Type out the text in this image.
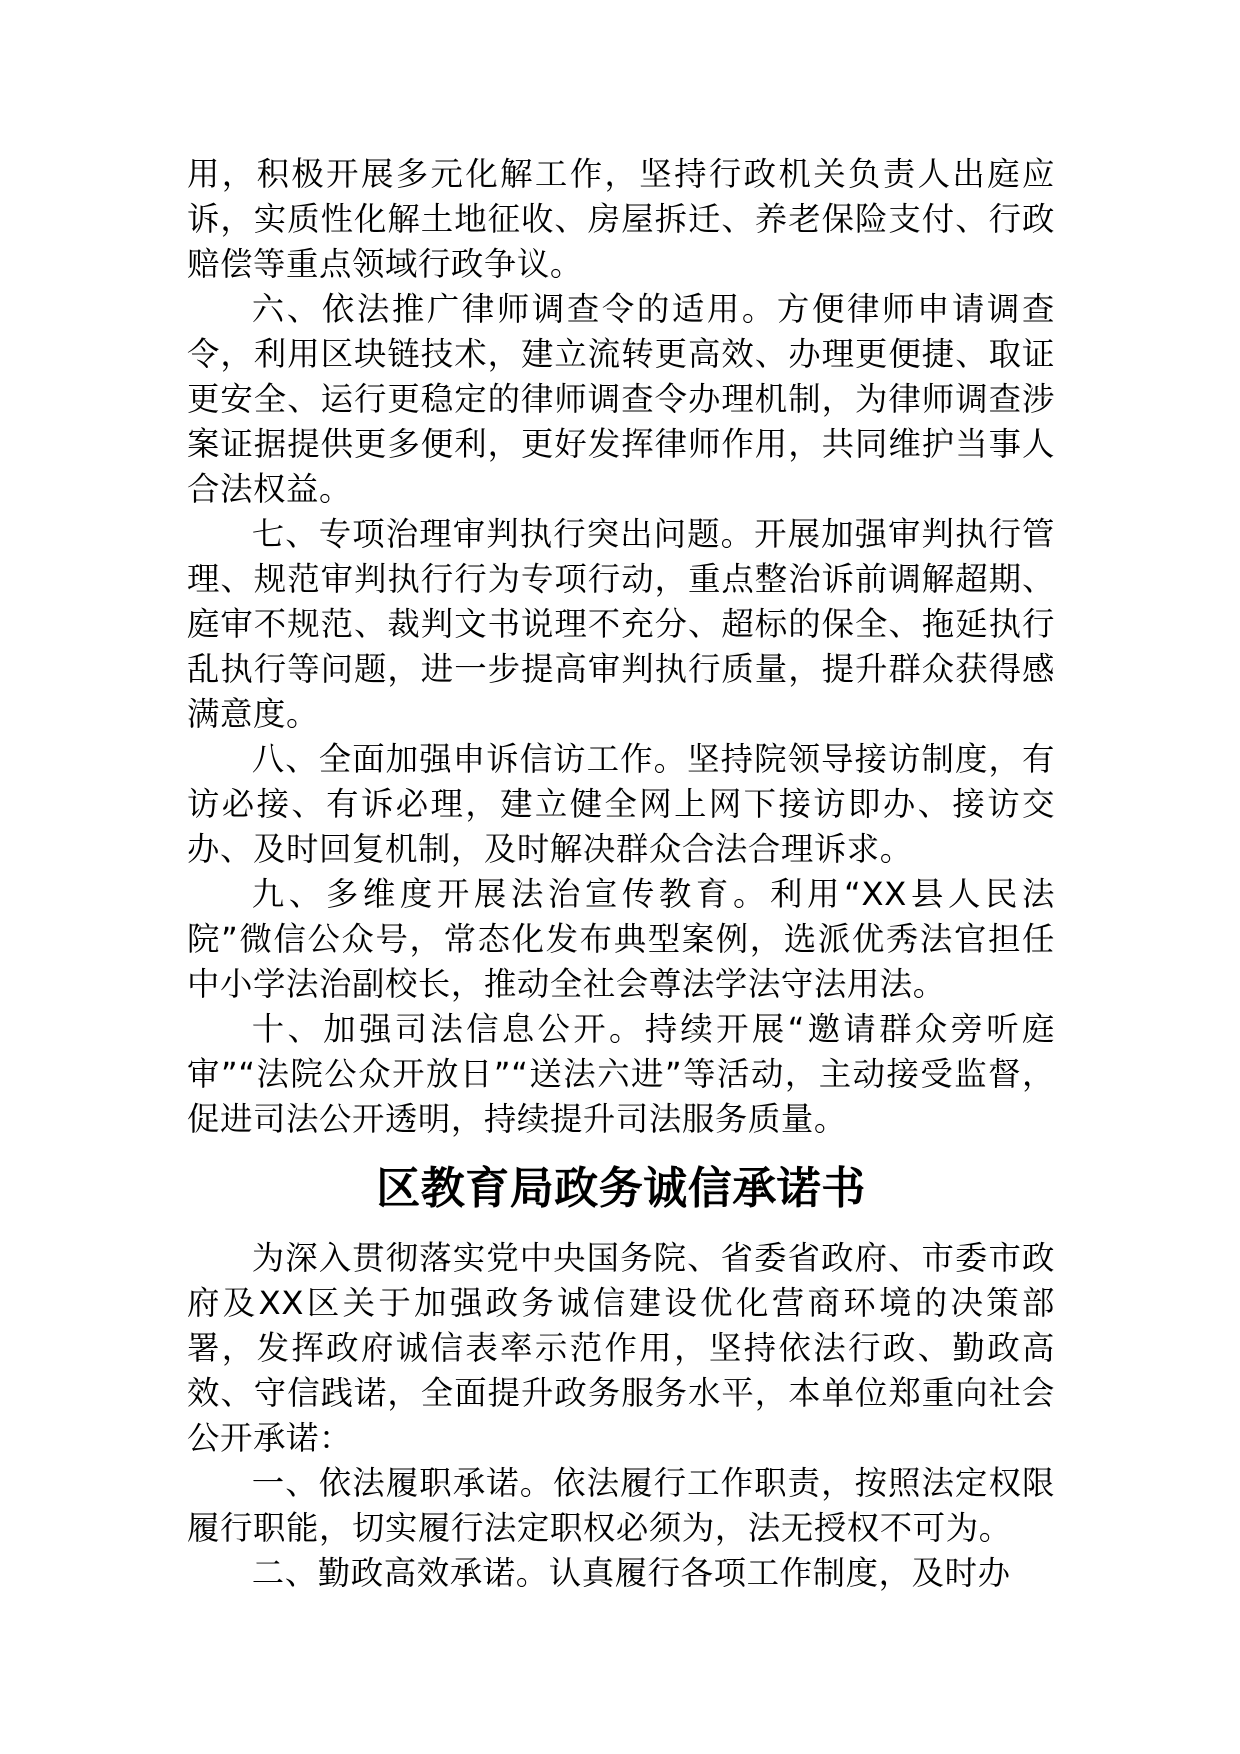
用，积极开展多元化解工作，坚持行政机关负责人出庭应诉，实质性化解土地征收、房屋拆迁、养老保险支付、行政赔偿等重点领域行政争议。

六、依法推广律师调查令的适用。方便律师申请调查令，利用区块链技术，建立流转更高效、办理更便捷、取证更安全、运行更稳定的律师调查令办理机制，为律师调查涉案证据提供更多便利，更好发挥律师作用，共同维护当事人合法权益。

七、专项治理审判执行突出问题。开展加强审判执行管理、规范审判执行行为专项行动，重点整治诉前调解超期、庭审不规范、裁判文书说理不充分、超标的保全、拖延执行乱执行等问题，进一步提高审判执行质量，提升群众获得感满意度。

八、全面加强申诉信访工作。坚持院领导接访制度，有访必接、有诉必理，建立健全网上网下接访即办、接访交办、及时回复机制，及时解决群众合法合理诉求。

九、多维度开展法治宣传教育。利用“XX县人民法院”微信公众号，常态化发布典型案例，选派优秀法官担任中小学法治副校长，推动全社会尊法学法守法用法。

十、加强司法信息公开。持续开展“邀请群众旁听庭审”“法院公众开放日”“送法六进”等活动，主动接受监督，促进司法公开透明，持续提升司法服务质量。

区教育局政务诚信承诺书

为深入贯彻落实党中央国务院、省委省政府、市委市政府及XX区关于加强政务诚信建设优化营商环境的决策部署，发挥政府诚信表率示范作用，坚持依法行政、勤政高效、守信践诺，全面提升政务服务水平，本单位郑重向社会公开承诺：

一、依法履职承诺。依法履行工作职责，按照法定权限履行职能，切实履行法定职权必须为，法无授权不可为。

二、勤政高效承诺。认真履行各项工作制度，及时办
